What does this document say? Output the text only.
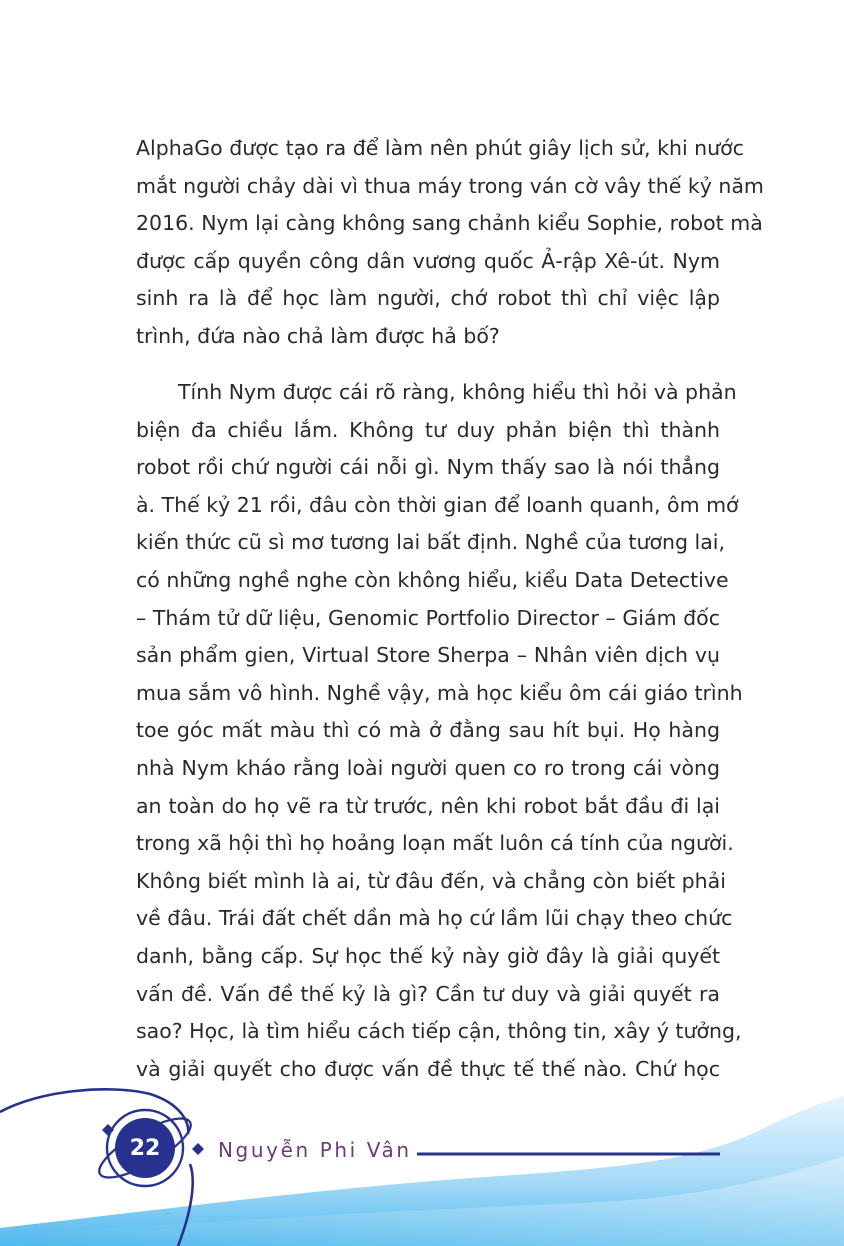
AlphaGo được tạo ra để làm nên phút giây lịch sử, khi nước
mắt người chảy dài vì thua máy trong ván cờ vây thế kỷ năm
2016. Nym lại càng không sang chảnh kiểu Sophie, robot mà
được cấp quyền công dân vương quốc Ả-rập Xê-út. Nym
sinh ra là để học làm người, chớ robot thì chỉ việc lập
trình, đứa nào chả làm được hả bố?
Tính Nym được cái rõ ràng, không hiểu thì hỏi và phản
biện đa chiều lắm. Không tư duy phản biện thì thành
robot rồi chứ người cái nỗi gì. Nym thấy sao là nói thẳng
à. Thế kỷ 21 rồi, đâu còn thời gian để loanh quanh, ôm mớ
kiến thức cũ sì mơ tương lai bất định. Nghề của tương lai,
có những nghề nghe còn không hiểu, kiểu Data Detective
– Thám tử dữ liệu, Genomic Portfolio Director – Giám đốc
sản phẩm gien, Virtual Store Sherpa – Nhân viên dịch vụ
mua sắm vô hình. Nghề vậy, mà học kiểu ôm cái giáo trình
toe góc mất màu thì có mà ở đằng sau hít bụi. Họ hàng
nhà Nym kháo rằng loài người quen co ro trong cái vòng
an toàn do họ vẽ ra từ trước, nên khi robot bắt đầu đi lại
trong xã hội thì họ hoảng loạn mất luôn cá tính của người.
Không biết mình là ai, từ đâu đến, và chẳng còn biết phải
về đâu. Trái đất chết dần mà họ cứ lầm lũi chạy theo chức
danh, bằng cấp. Sự học thế kỷ này giờ đây là giải quyết
vấn đề. Vấn đề thế kỷ là gì? Cần tư duy và giải quyết ra
sao? Học, là tìm hiểu cách tiếp cận, thông tin, xây ý tưởng,
và giải quyết cho được vấn đề thực tế thế nào. Chứ học
22	Nguyễn Phi Vân
